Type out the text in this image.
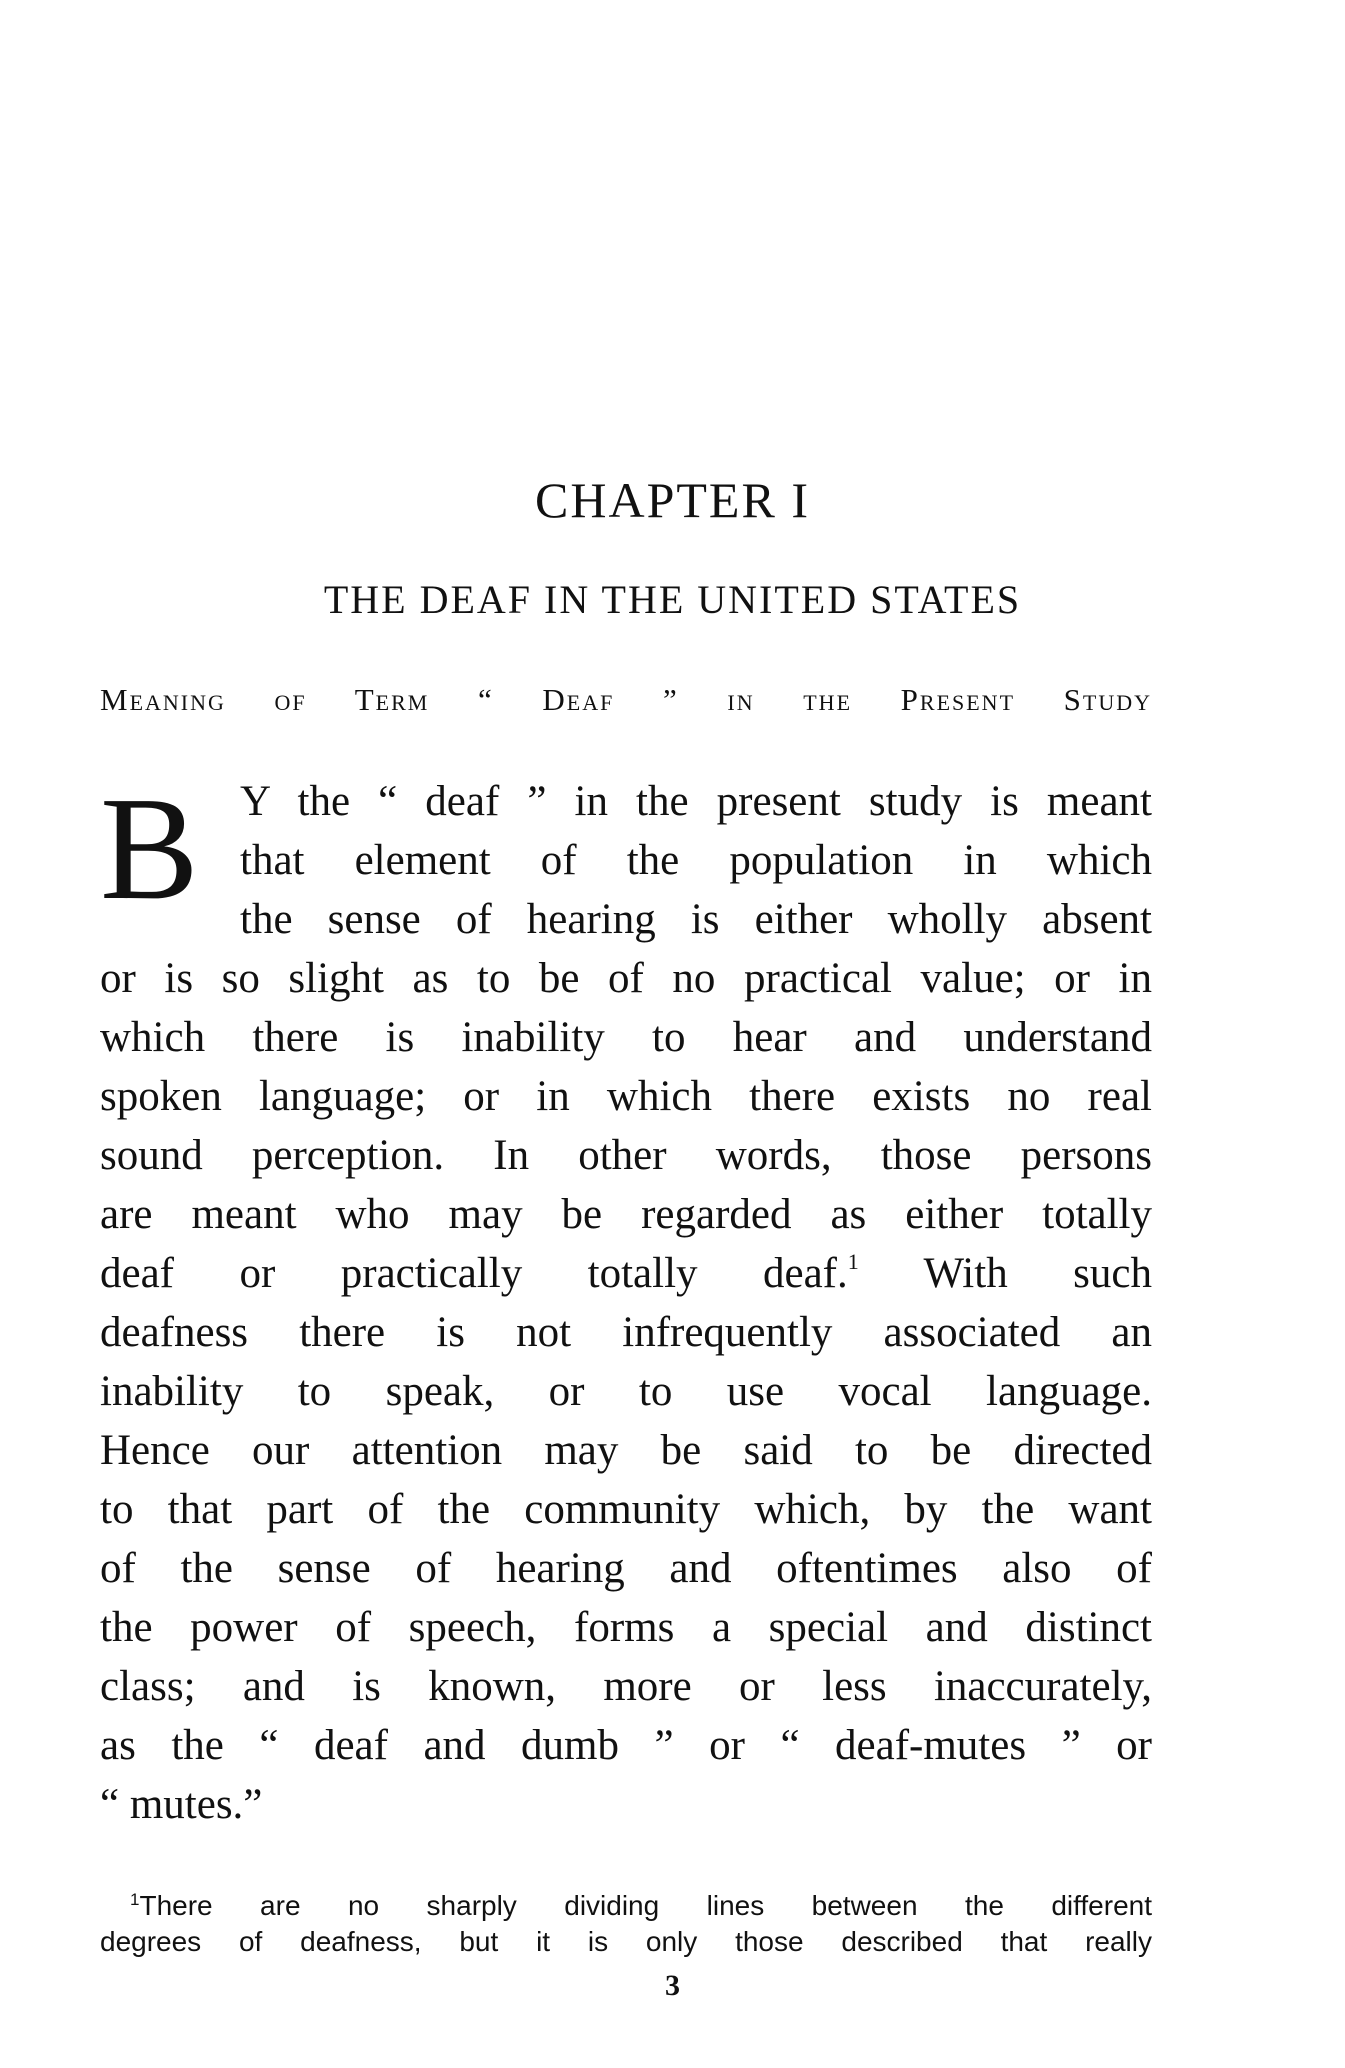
CHAPTER I
THE DEAF IN THE UNITED STATES
Meaning of Term “ Deaf ” in the Present Study
B Y the “ deaf ” in the present study is meant
that element of the population in which
the sense of hearing is either wholly absent
or is so slight as to be of no practical value; or in
which there is inability to hear and understand
spoken language; or in which there exists no real
sound perception. In other words, those persons
are meant who may be regarded as either totally
deaf or practically totally deaf.$^1$ With such
deafness there is not infrequently associated an
inability to speak, or to use vocal language.
Hence our attention may be said to be directed
to that part of the community which, by the want
of the sense of hearing and oftentimes also of
the power of speech, forms a special and distinct
class; and is known, more or less inaccurately,
as the “ deaf and dumb ” or “ deaf-mutes ” or
“ mutes.”
$^1$There are no sharply dividing lines between the different
degrees of deafness, but it is only those described that really
3
